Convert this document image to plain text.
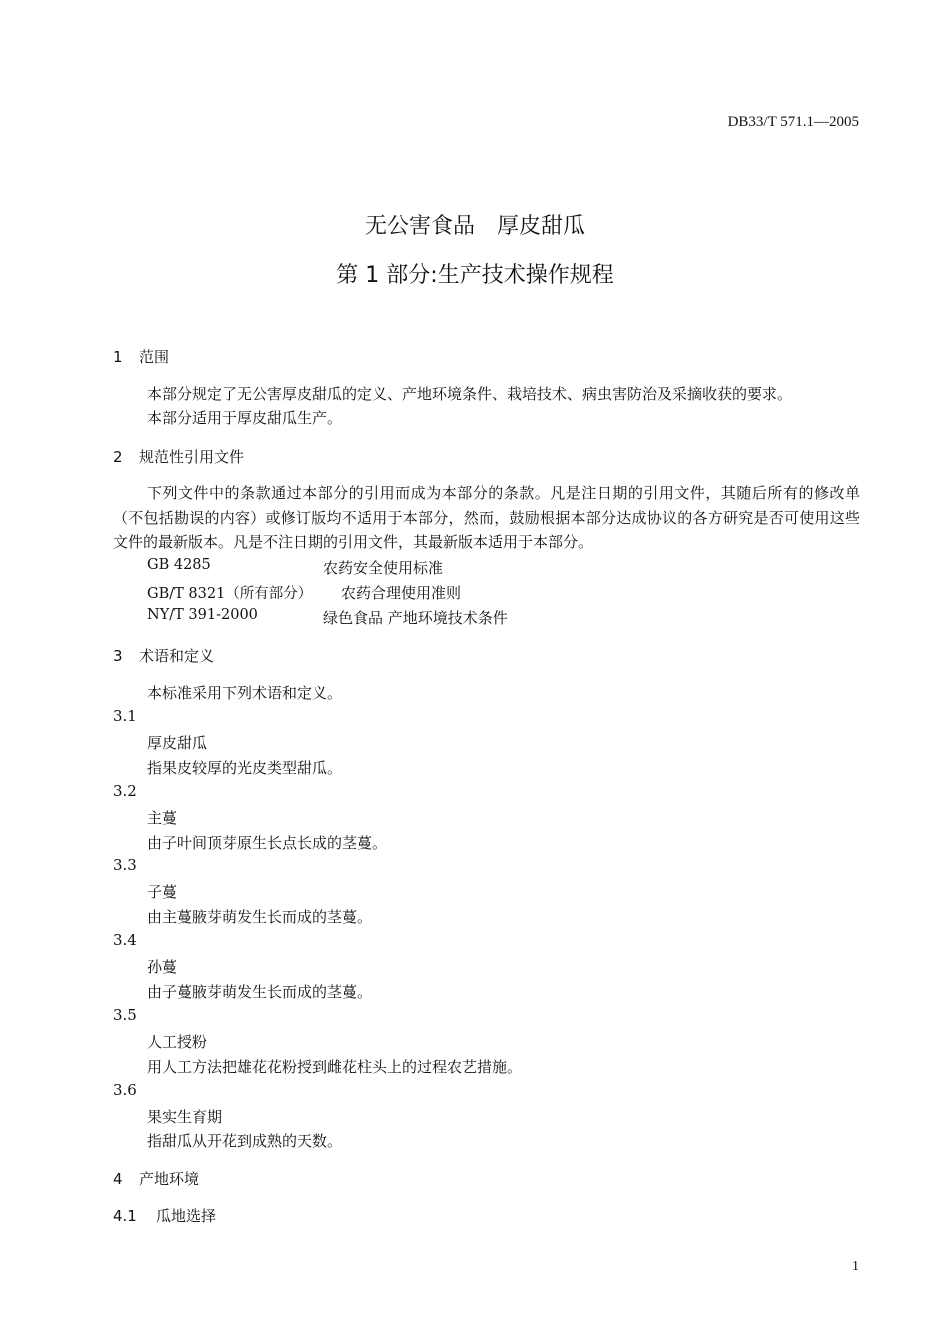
DB33/T 571.1—2005
无公害食品　厚皮甜瓜
第 1 部分:生产技术操作规程
1 范围
本部分规定了无公害厚皮甜瓜的定义、产地环境条件、栽培技术、病虫害防治及采摘收获的要求。
本部分适用于厚皮甜瓜生产。
2 规范性引用文件
下列文件中的条款通过本部分的引用而成为本部分的条款。凡是注日期的引用文件，其随后所有的修改单（不包括勘误的内容）或修订版均不适用于本部分，然而，鼓励根据本部分达成协议的各方研究是否可使用这些文件的最新版本。凡是不注日期的引用文件，其最新版本适用于本部分。
GB 4285	农药安全使用标准
GB/T 8321（所有部分） 农药合理使用准则
NY/T 391-2000	绿色食品 产地环境技术条件
3 术语和定义
本标准采用下列术语和定义。
3.1
厚皮甜瓜
指果皮较厚的光皮类型甜瓜。
3.2
主蔓
由子叶间顶芽原生长点长成的茎蔓。
3.3
子蔓
由主蔓腋芽萌发生长而成的茎蔓。
3.4
孙蔓
由子蔓腋芽萌发生长而成的茎蔓。
3.5
人工授粉
用人工方法把雄花花粉授到雌花柱头上的过程农艺措施。
3.6
果实生育期
指甜瓜从开花到成熟的天数。
4 产地环境
4.1 瓜地选择
1
